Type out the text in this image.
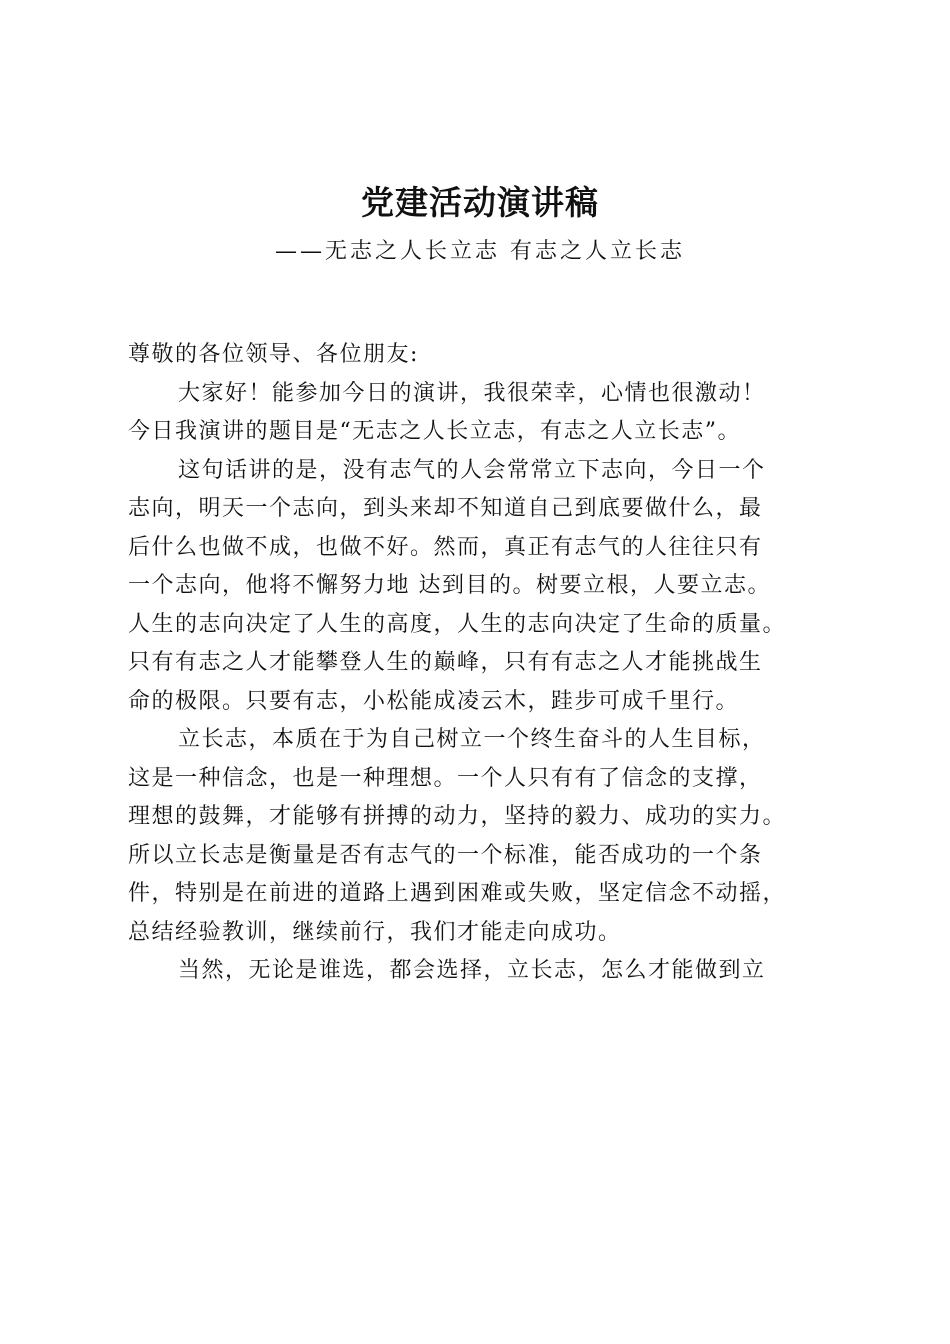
党建活动演讲稿
——无志之人长立志 有志之人立长志
尊敬的各位领导、各位朋友:
大家好！能参加今日的演讲，我很荣幸，心情也很激动！
今日我演讲的题目是“无志之人长立志，有志之人立长志”。
这句话讲的是，没有志气的人会常常立下志向，今日一个
志向，明天一个志向，到头来却不知道自己到底要做什么，最
后什么也做不成，也做不好。然而，真正有志气的人往往只有
一个志向，他将不懈努力地 达到目的。树要立根，人要立志。
人生的志向决定了人生的高度，人生的志向决定了生命的质量。
只有有志之人才能攀登人生的巅峰，只有有志之人才能挑战生
命的极限。只要有志，小松能成凌云木，跬步可成千里行。
立长志，本质在于为自己树立一个终生奋斗的人生目标，
这是一种信念，也是一种理想。一个人只有有了信念的支撑，
理想的鼓舞，才能够有拼搏的动力，坚持的毅力、成功的实力。
所以立长志是衡量是否有志气的一个标准，能否成功的一个条
件，特别是在前进的道路上遇到困难或失败，坚定信念不动摇，
总结经验教训，继续前行，我们才能走向成功。
当然，无论是谁选，都会选择，立长志，怎么才能做到立
